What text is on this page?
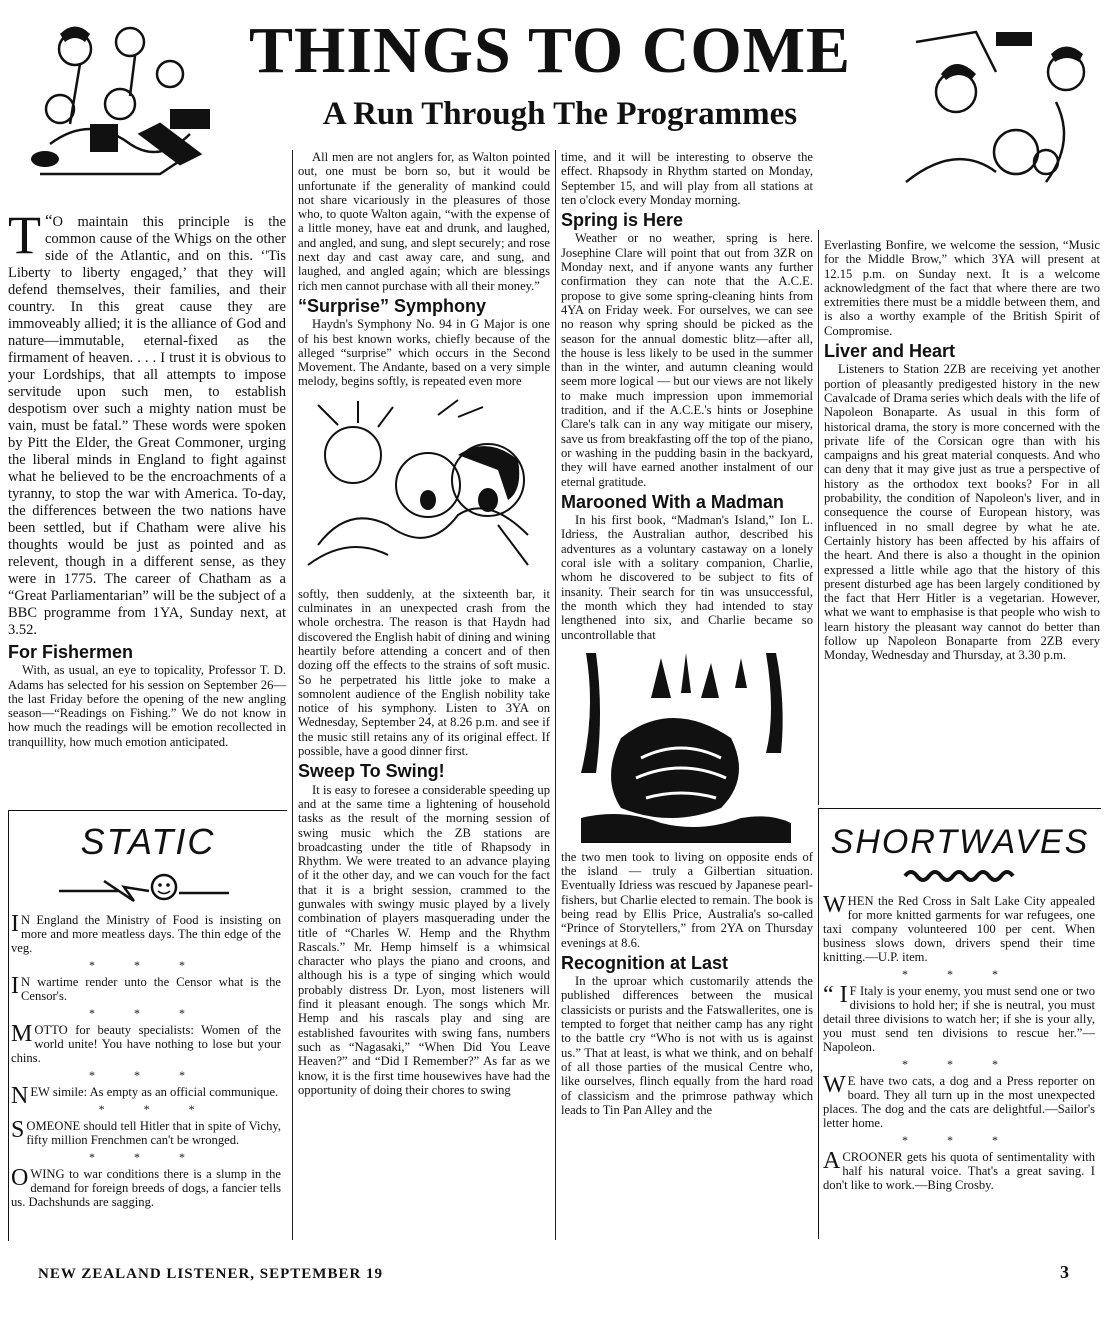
THINGS TO COME
A Run Through The Programmes

“
T O maintain this principle is the common cause of the Whigs on the other side of the Atlantic, and on this. ‘'Tis Liberty to liberty engaged,’ that they will defend themselves, their families, and their country. In this great cause they are immoveably allied; it is the alliance of God and nature—immutable, eternal-fixed as the firmament of heaven. . . . I trust it is obvious to your Lordships, that all attempts to impose servitude upon such men, to establish despotism over such a mighty nation must be vain, must be fatal.” These words were spoken by Pitt the Elder, the Great Commoner, urging the liberal minds in England to fight against what he believed to be the encroachments of a tyranny, to stop the war with America. To-day, the differences between the two nations have been settled, but if Chatham were alive his thoughts would be just as pointed and as relevent, though in a different sense, as they were in 1775. The career of Chatham as a “Great Parliamentarian” will be the subject of a BBC programme from 1YA, Sunday next, at 3.52.

For Fishermen

With, as usual, an eye to topicality, Professor T. D. Adams has selected for his session on September 26—the last Friday before the opening of the new angling season—“Readings on Fishing.” We do not know in how much the readings will be emotion recollected in tranquillity, how much emotion anticipated.

All men are not anglers for, as Walton pointed out, one must be born so, but it would be unfortunate if the generality of mankind could not share vicariously in the pleasures of those who, to quote Walton again, “with the expense of a little money, have eat and drunk, and laughed, and angled, and sung, and slept securely; and rose next day and cast away care, and sung, and laughed, and angled again; which are blessings rich men cannot purchase with all their money.”

“Surprise” Symphony

Haydn's Symphony No. 94 in G Major is one of his best known works, chiefly because of the alleged “surprise” which occurs in the Second Movement. The Andante, based on a very simple melody, begins softly, is repeated even more

softly, then suddenly, at the sixteenth bar, it culminates in an unexpected crash from the whole orchestra. The reason is that Haydn had discovered the English habit of dining and wining heartily before attending a concert and of then dozing off the effects to the strains of soft music. So he perpetrated his little joke to make a somnolent audience of the English nobility take notice of his symphony. Listen to 3YA on Wednesday, September 24, at 8.26 p.m. and see if the music still retains any of its original effect. If possible, have a good dinner first.

Sweep To Swing!

It is easy to foresee a considerable speeding up and at the same time a lightening of household tasks as the result of the morning session of swing music which the ZB stations are broadcasting under the title of Rhapsody in Rhythm. We were treated to an advance playing of it the other day, and we can vouch for the fact that it is a bright session, crammed to the gunwales with swingy music played by a lively combination of players masquerading under the title of “Charles W. Hemp and the Rhythm Rascals.” Mr. Hemp himself is a whimsical character who plays the piano and croons, and although his is a type of singing which would probably distress Dr. Lyon, most listeners will find it pleasant enough. The songs which Mr. Hemp and his rascals play and sing are established favourites with swing fans, numbers such as “Nagasaki,” “When Did You Leave Heaven?” and “Did I Remember?” As far as we know, it is the first time housewives have had the opportunity of doing their chores to swing

time, and it will be interesting to observe the effect. Rhapsody in Rhythm started on Monday, September 15, and will play from all stations at ten o'clock every Monday morning.

Spring is Here

Weather or no weather, spring is here. Josephine Clare will point that out from 3ZR on Monday next, and if anyone wants any further confirmation they can note that the A.C.E. propose to give some spring-cleaning hints from 4YA on Friday week. For ourselves, we can see no reason why spring should be picked as the season for the annual domestic blitz—after all, the house is less likely to be used in the summer than in the winter, and autumn cleaning would seem more logical — but our views are not likely to make much impression upon immemorial tradition, and if the A.C.E.'s hints or Josephine Clare's talk can in any way mitigate our misery, save us from breakfasting off the top of the piano, or washing in the pudding basin in the backyard, they will have earned another instalment of our eternal gratitude.

Marooned With a Madman

In his first book, “Madman's Island,” Ion L. Idriess, the Australian author, described his adventures as a voluntary castaway on a lonely coral isle with a solitary companion, Charlie, whom he discovered to be subject to fits of insanity. Their search for tin was unsuccessful, the month which they had intended to stay lengthened into six, and Charlie became so uncontrollable that

the two men took to living on opposite ends of the island — truly a Gilbertian situation. Eventually Idriess was rescued by Japanese pearl-fishers, but Charlie elected to remain. The book is being read by Ellis Price, Australia's so-called “Prince of Storytellers,” from 2YA on Thursday evenings at 8.6.

Recognition at Last

In the uproar which customarily attends the published differences between the musical classicists or purists and the Fatswallerites, one is tempted to forget that neither camp has any right to the battle cry “Who is not with us is against us.” That at least, is what we think, and on behalf of all those parties of the musical Centre who, like ourselves, flinch equally from the hard road of classicism and the primrose pathway which leads to Tin Pan Alley and the

Everlasting Bonfire, we welcome the session, “Music for the Middle Brow,” which 3YA will present at 12.15 p.m. on Sunday next. It is a welcome acknowledgment of the fact that where there are two extremities there must be a middle between them, and is also a worthy example of the British Spirit of Compromise.

Liver and Heart

Listeners to Station 2ZB are receiving yet another portion of pleasantly predigested history in the new Cavalcade of Drama series which deals with the life of Napoleon Bonaparte. As usual in this form of historical drama, the story is more concerned with the private life of the Corsican ogre than with his campaigns and his great material conquests. And who can deny that it may give just as true a perspective of history as the orthodox text books? For in all probability, the condition of Napoleon's liver, and in consequence the course of European history, was influenced in no small degree by what he ate. Certainly history has been affected by his affairs of the heart. And there is also a thought in the opinion expressed a little while ago that the history of this present disturbed age has been largely conditioned by the fact that Herr Hitler is a vegetarian. However, what we want to emphasise is that people who wish to learn history the pleasant way cannot do better than follow up Napoleon Bonaparte from 2ZB every Monday, Wednesday and Thursday, at 3.30 p.m.

STATIC
I N England the Ministry of Food is insisting on more and more meatless days. The thin edge of the veg.
* * *
I N wartime render unto the Censor what is the Censor's.
* * *
MOTTO for beauty specialists: Women of the world unite! You have nothing to lose but your chins.
* * *
NEW simile: As empty as an official communique.
* * *
SOMEONE should tell Hitler that in spite of Vichy, fifty million Frenchmen can't be wronged.
* * *
OWING to war conditions there is a slump in the demand for foreign breeds of dogs, a fancier tells us. Dachshunds are sagging.
SHORTWAVES
WHEN the Red Cross in Salt Lake City appealed for more knitted garments for war refugees, one taxi company volunteered 100 per cent. When business slows down, drivers spend their time knitting.—U.P. item.
* * *
“ I F Italy is your enemy, you must send one or two divisions to hold her; if she is neutral, you must detail three divisions to watch her; if she is your ally, you must send ten divisions to rescue her.”—Napoleon.
* * *
W E have two cats, a dog and a Press reporter on board. They all turn up in the most unexpected places. The dog and the cats are delightful.—Sailor's letter home.
* * *
ACROONER gets his quota of sentimentality with half his natural voice. That's a great saving. I don't like to work.—Bing Crosby.
NEW ZEALAND LISTENER, SEPTEMBER 19	3
